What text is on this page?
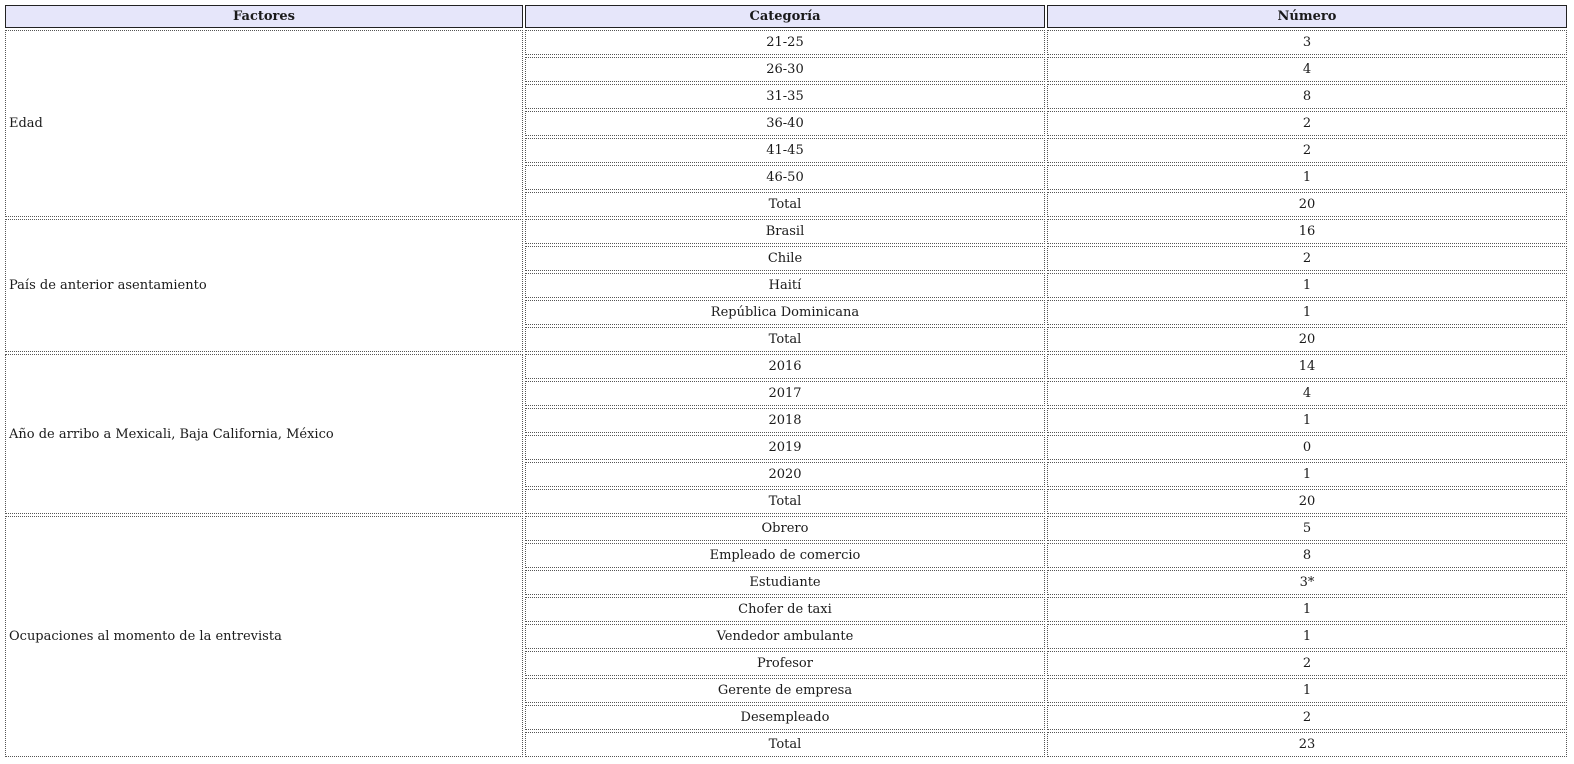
Factores	Categoría	Número
Edad	21-25	3
	26-30	4
	31-35	8
	36-40	2
	41-45	2
	46-50	1
	Total	20
País de anterior asentamiento	Brasil	16
	Chile	2
	Haití	1
	República Dominicana	1
	Total	20
Año de arribo a Mexicali, Baja California, México	2016	14
	2017	4
	2018	1
	2019	0
	2020	1
	Total	20
Ocupaciones al momento de la entrevista	Obrero	5
	Empleado de comercio	8
	Estudiante	3*
	Chofer de taxi	1
	Vendedor ambulante	1
	Profesor	2
	Gerente de empresa	1
	Desempleado	2
	Total	23
